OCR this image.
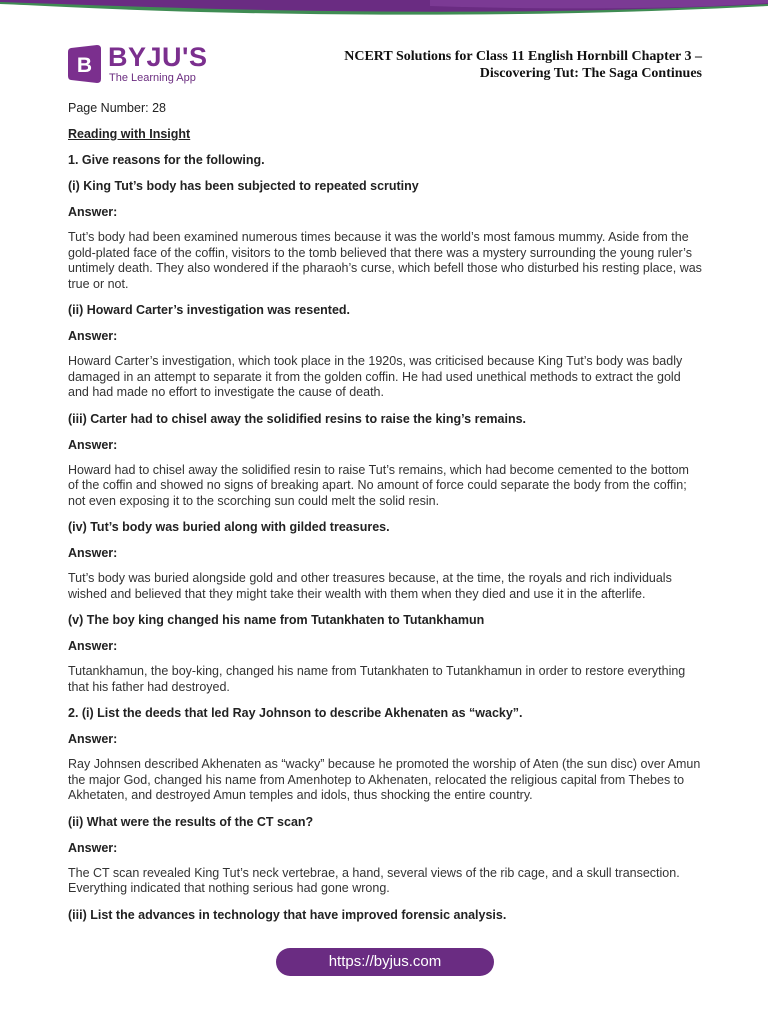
B BYJU'S
The Learning App
NCERT Solutions for Class 11 English Hornbill Chapter 3 –
Discovering Tut: The Saga Continues
Page Number: 28
Reading with Insight
1. Give reasons for the following.
(i) King Tut’s body has been subjected to repeated scrutiny
Answer:
Tut’s body had been examined numerous times because it was the world’s most famous mummy. Aside from the gold-plated face of the coffin, visitors to the tomb believed that there was a mystery surrounding the young ruler’s untimely death. They also wondered if the pharaoh’s curse, which befell those who disturbed his resting place, was true or not.
(ii) Howard Carter’s investigation was resented.
Answer:
Howard Carter’s investigation, which took place in the 1920s, was criticised because King Tut’s body was badly damaged in an attempt to separate it from the golden coffin. He had used unethical methods to extract the gold and had made no effort to investigate the cause of death.
(iii) Carter had to chisel away the solidified resins to raise the king’s remains.
Answer:
Howard had to chisel away the solidified resin to raise Tut’s remains, which had become cemented to the bottom of the coffin and showed no signs of breaking apart. No amount of force could separate the body from the coffin; not even exposing it to the scorching sun could melt the solid resin.
(iv) Tut’s body was buried along with gilded treasures.
Answer:
Tut’s body was buried alongside gold and other treasures because, at the time, the royals and rich individuals wished and believed that they might take their wealth with them when they died and use it in the afterlife.
(v) The boy king changed his name from Tutankhaten to Tutankhamun
Answer:
Tutankhamun, the boy-king, changed his name from Tutankhaten to Tutankhamun in order to restore everything that his father had destroyed.
2. (i) List the deeds that led Ray Johnson to describe Akhenaten as “wacky”.
Answer:
Ray Johnsen described Akhenaten as “wacky” because he promoted the worship of Aten (the sun disc) over Amun the major God, changed his name from Amenhotep to Akhenaten, relocated the religious capital from Thebes to Akhetaten, and destroyed Amun temples and idols, thus shocking the entire country.
(ii) What were the results of the CT scan?
Answer:
The CT scan revealed King Tut’s neck vertebrae, a hand, several views of the rib cage, and a skull transection. Everything indicated that nothing serious had gone wrong.
(iii) List the advances in technology that have improved forensic analysis.
https://byjus.com
